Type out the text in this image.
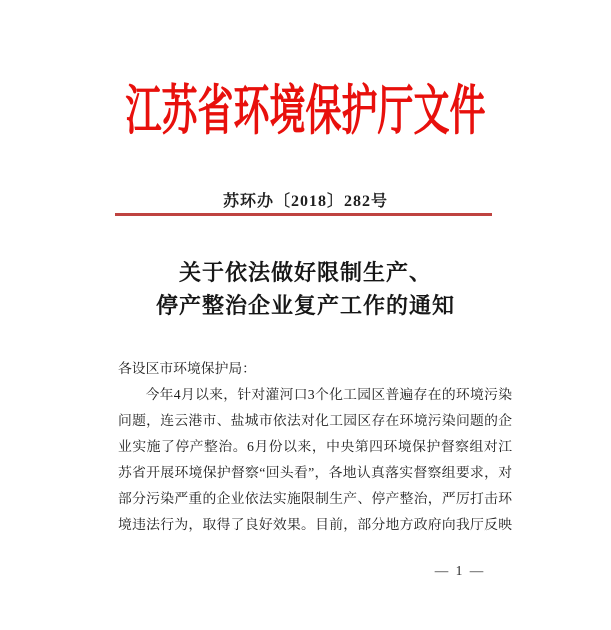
江苏省环境保护厅文件
苏环办〔2018〕282号
关于依法做好限制生产、
停产整治企业复产工作的通知
各设区市环境保护局：
今年4月以来，针对灌河口3个化工园区普遍存在的环境污染
问题，连云港市、盐城市依法对化工园区存在环境污染问题的企
业实施了停产整治。6月份以来，中央第四环境保护督察组对江
苏省开展环境保护督察“回头看”，各地认真落实督察组要求，对
部分污染严重的企业依法实施限制生产、停产整治，严厉打击环
境违法行为，取得了良好效果。目前，部分地方政府向我厅反映
— 1 —
